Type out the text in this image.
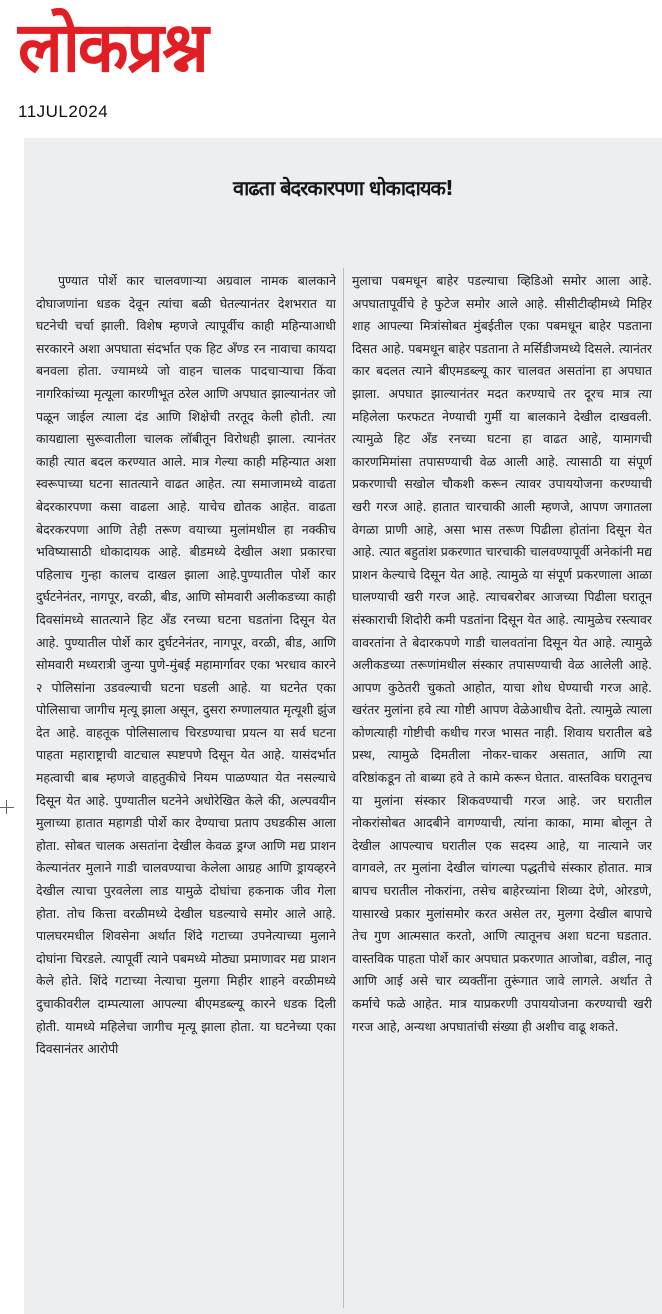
लोकप्रश्न
11JUL2024
वाढता बेदरकारपणा धोकादायक!
पुण्यात पोर्शे कार चालवणाऱ्या अग्रवाल नामक बालकाने दोघाजणांना धडक देवून त्यांचा बळी घेतल्यानंतर देशभरात या घटनेची चर्चा झाली. विशेष म्हणजे त्यापूर्वीच काही महिन्याआधी सरकारने अशा अपघाता संदर्भात एक हिट अँण्ड रन नावाचा कायदा बनवला होता. ज्यामध्ये जो वाहन चालक पादचाऱ्याचा किंवा नागरिकांच्या मृत्यूला कारणीभूत ठरेल आणि अपघात झाल्यानंतर जो पळून जाईल त्याला दंड आणि शिक्षेची तरतूद केली होती. त्या कायद्याला सुरूवातीला चालक लॉबीतून विरोधही झाला. त्यानंतर काही त्यात बदल करण्यात आले. मात्र गेल्या काही महिन्यात अशा स्वरूपाच्या घटना सातत्याने वाढत आहेत. त्या समाजामध्ये वाढता बेदरकारपणा कसा वाढला आहे. याचेच द्योतक आहेत. वाढता बेदरकरपणा आणि तेही तरूण वयाच्या मुलांमधील हा नक्कीच भविष्यासाठी धोकादायक आहे. बीडमध्ये देखील अशा प्रकारचा पहिलाच गुन्हा कालच दाखल झाला आहे.पुण्यातील पोर्शे कार दुर्घटनेनंतर, नागपूर, वरळी, बीड, आणि सोमवारी अलीकडच्या काही दिवसांमध्ये सातत्याने हिट अँड रनच्या घटना घडतांना दिसून येत आहे. पुण्यातील पोर्शे कार दुर्घटनेनंतर, नागपूर, वरळी, बीड, आणि सोमवारी मध्यरात्री जुन्या पुणे-मुंबई महामार्गावर एका भरधाव कारने २ पोलिसांना उडवल्याची घटना घडली आहे. या घटनेत एका पोलिसाचा जागीच मृत्यू झाला असून, दुसरा रुग्णालयात मृत्यूशी झुंज देत आहे. वाहतूक पोलिसालाच चिरडण्याचा प्रयत्न या सर्व घटना पाहता महाराष्ट्राची वाटचाल स्पष्टपणे दिसून येत आहे. यासंदर्भात महत्वाची बाब म्हणजे वाहतुकीचे नियम पाळण्यात येत नसल्याचे दिसून येत आहे. पुण्यातील घटनेने अधोरेखित केले की, अल्पवयीन मुलाच्या हातात महागडी पोर्शे कार देण्याचा प्रताप उघडकीस आला होता. सोबत चालक असतांना देखील केवळ ड्रग्ज आणि मद्य प्राशन केल्यानंतर मुलाने गाडी चालवण्याचा केलेला आग्रह आणि ड्रायव्हरने देखील त्याचा पुरवलेला लाड यामुळे दोघांचा हकनाक जीव गेला होता. तोच कित्ता वरळीमध्ये देखील घडल्याचे समोर आले आहे. पालघरमधील शिवसेना अर्थात शिंदे गटाच्या उपनेत्याच्या मुलाने दोघांना चिरडले. त्यापूर्वी त्याने पबमध्ये मोठ्या प्रमाणावर मद्य प्राशन केले होते. शिंदे गटाच्या नेत्याचा मुलगा मिहीर शाहने वरळीमध्ये दुचाकीवरील दाम्पत्याला आपल्या बीएमडब्ल्यू कारने धडक दिली होती. यामध्ये महिलेचा जागीच मृत्यू झाला होता. या घटनेच्या एका दिवसानंतर आरोपी
मुलाचा पबमधून बाहेर पडल्याचा व्हिडिओ समोर आला आहे. अपघातापूर्वीचे हे फुटेज समोर आले आहे. सीसीटीव्हीमध्ये मिहिर शाह आपल्या मित्रांसोबत मुंबईतील एका पबमधून बाहेर पडताना दिसत आहे. पबमधून बाहेर पडताना ते मर्सिडीजमध्ये दिसले. त्यानंतर कार बदलत त्याने बीएमडब्ल्यू कार चालवत असतांना हा अपघात झाला. अपघात झाल्यानंतर मदत करण्याचे तर दूरच मात्र त्या महिलेला फरफटत नेण्याची गुर्मी या बालकाने देखील दाखवली. त्यामुळे हिट अँड रनच्या घटना हा वाढत आहे, यामागची कारणमिमांसा तपासण्याची वेळ आली आहे. त्यासाठी या संपूर्ण प्रकरणाची सखोल चौकशी करून त्यावर उपाययोजना करण्याची खरी गरज आहे. हातात चारचाकी आली म्हणजे, आपण जगातला वेगळा प्राणी आहे, असा भास तरूण पिढीला होतांना दिसून येत आहे. त्यात बहुतांश प्रकरणात चारचाकी चालवण्यापूर्वी अनेकांनी मद्य प्राशन केल्याचे दिसून येत आहे. त्यामुळे या संपूर्ण प्रकरणाला आळा घालण्याची खरी गरज आहे. त्याचबरोबर आजच्या पिढीला घरातून संस्काराची शिदोरी कमी पडतांना दिसून येत आहे. त्यामुळेच रस्त्यावर वावरतांना ते बेदारकपणे गाडी चालवतांना दिसून येत आहे. त्यामुळे अलीकडच्या तरूणांमधील संस्कार तपासण्याची वेळ आलेली आहे. आपण कुठेतरी चुकतो आहोत, याचा शोध घेण्याची गरज आहे. खरंतर मुलांना हवे त्या गोष्टी आपण वेळेआधीच देतो. त्यामुळे त्याला कोणत्याही गोष्टीची कधीच गरज भासत नाही. शिवाय घरातील बडे प्रस्थ, त्यामुळे दिमतीला नोकर-चाकर असतात, आणि त्या वरिष्ठांकडून तो बाब्या हवे ते कामे करून घेतात. वास्तविक घरातूनच या मुलांना संस्कार शिकवण्याची गरज आहे. जर घरातील नोकरांसोबत आदबीने वागण्याची, त्यांना काका, मामा बोलून ते देखील आपल्याच घरातील एक सदस्य आहे, या नात्याने जर वागवले, तर मुलांना देखील चांगल्या पद्धतीचे संस्कार होतात. मात्र बापच घरातील नोकरांना, तसेच बाहेरच्यांना शिव्या देणे, ओरडणे, यासारखे प्रकार मुलांसमोर करत असेल तर, मुलगा देखील बापाचे तेच गुण आत्मसात करतो, आणि त्यातूनच अशा घटना घडतात. वास्तविक पाहता पोर्शे कार अपघात प्रकरणात आजोबा, वडील, नातू आणि आई असे चार व्यक्तींना तुरूंगात जावे लागले. अर्थात ते कर्माचे फळे आहेत. मात्र याप्रकरणी उपाययोजना करण्याची खरी गरज आहे, अन्यथा अपघातांची संख्या ही अशीच वाढू शकते.
